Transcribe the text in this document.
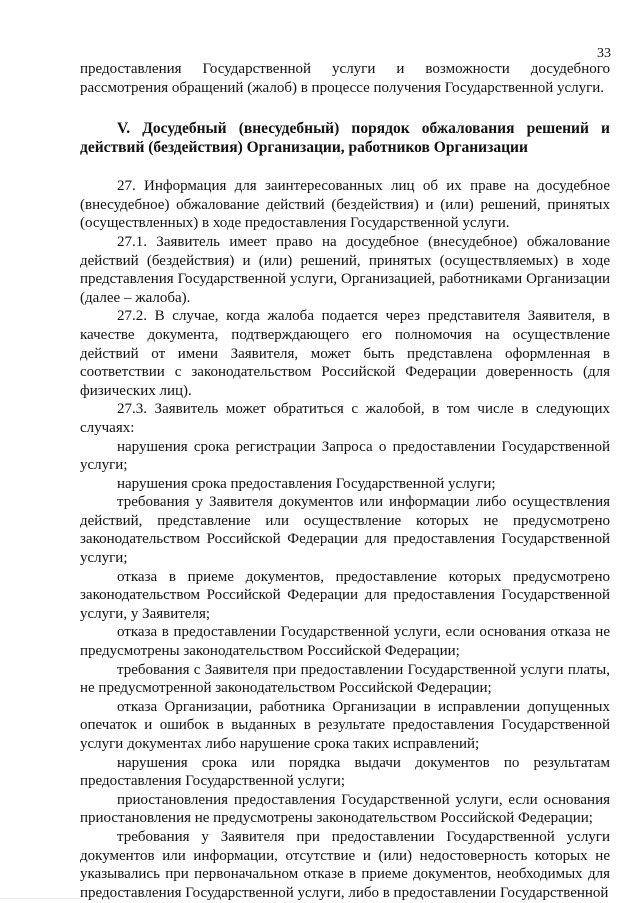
33

предоставления Государственной услуги и возможности досудебного рассмотрения обращений (жалоб) в процессе получения Государственной услуги.

V. Досудебный (внесудебный) порядок обжалования решений и действий (бездействия) Организации, работников Организации

27. Информация для заинтересованных лиц об их праве на досудебное (внесудебное) обжалование действий (бездействия) и (или) решений, принятых (осуществленных) в ходе предоставления Государственной услуги.

27.1. Заявитель имеет право на досудебное (внесудебное) обжалование действий (бездействия) и (или) решений, принятых (осуществляемых) в ходе представления Государственной услуги, Организацией, работниками Организации (далее – жалоба).

27.2. В случае, когда жалоба подается через представителя Заявителя, в качестве документа, подтверждающего его полномочия на осуществление действий от имени Заявителя, может быть представлена оформленная в соответствии с законодательством Российской Федерации доверенность (для физических лиц).

27.3. Заявитель может обратиться с жалобой, в том числе в следующих случаях:

нарушения срока регистрации Запроса о предоставлении Государственной услуги;

нарушения срока предоставления Государственной услуги;

требования у Заявителя документов или информации либо осуществления действий, представление или осуществление которых не предусмотрено законодательством Российской Федерации для предоставления Государственной услуги;

отказа в приеме документов, предоставление которых предусмотрено законодательством Российской Федерации для предоставления Государственной услуги, у Заявителя;

отказа в предоставлении Государственной услуги, если основания отказа не предусмотрены законодательством Российской Федерации;

требования с Заявителя при предоставлении Государственной услуги платы, не предусмотренной законодательством Российской Федерации;

отказа Организации, работника Организации в исправлении допущенных опечаток и ошибок в выданных в результате предоставления Государственной услуги документах либо нарушение срока таких исправлений;

нарушения срока или порядка выдачи документов по результатам предоставления Государственной услуги;

приостановления предоставления Государственной услуги, если основания приостановления не предусмотрены законодательством Российской Федерации;

требования у Заявителя при предоставлении Государственной услуги документов или информации, отсутствие и (или) недостоверность которых не указывались при первоначальном отказе в приеме документов, необходимых для предоставления Государственной услуги, либо в предоставлении Государственной
